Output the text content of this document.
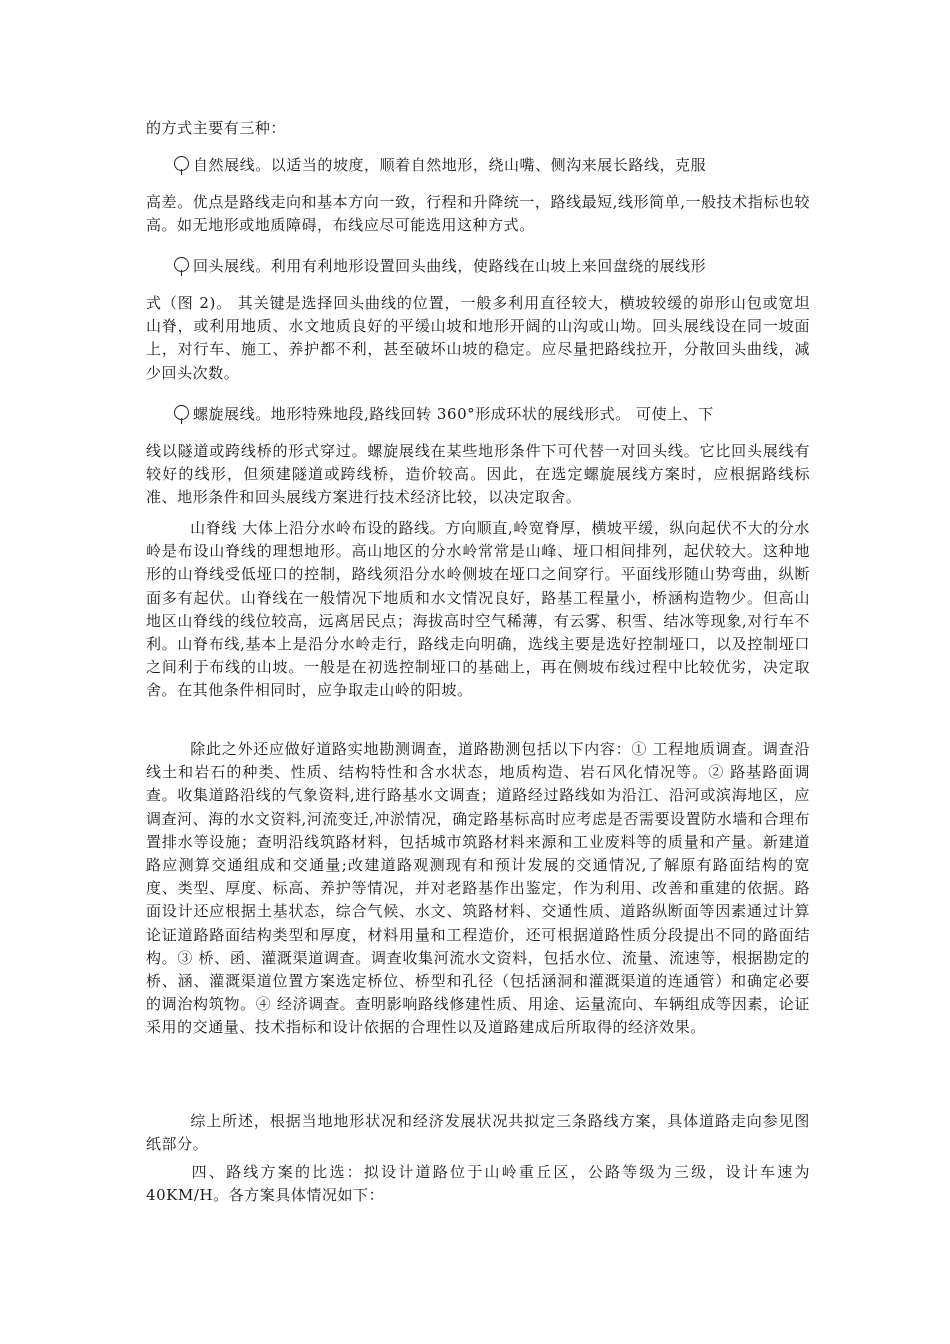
的方式主要有三种：

自然展线。以适当的坡度，顺着自然地形，绕山嘴、侧沟来展长路线，克服

高差。优点是路线走向和基本方向一致，行程和升降统一，路线最短,线形简单,一般技术指标也较高。如无地形或地质障碍，布线应尽可能选用这种方式。

回头展线。利用有利地形设置回头曲线，使路线在山坡上来回盘绕的展线形

式（图 2)。 其关键是选择回头曲线的位置，一般多利用直径较大，横坡较缓的峁形山包或宽坦山脊，或利用地质、水文地质良好的平缓山坡和地形开阔的山沟或山坳。回头展线设在同一坡面上，对行车、施工、养护都不利，甚至破坏山坡的稳定。应尽量把路线拉开，分散回头曲线，减少回头次数。

螺旋展线。地形特殊地段,路线回转 360°形成环状的展线形式。 可使上、下

线以隧道或跨线桥的形式穿过。螺旋展线在某些地形条件下可代替一对回头线。它比回头展线有较好的线形，但须建隧道或跨线桥，造价较高。因此，在选定螺旋展线方案时，应根据路线标准、地形条件和回头展线方案进行技术经济比较，以决定取舍。

山脊线 大体上沿分水岭布设的路线。方向顺直,岭宽脊厚，横坡平缓，纵向起伏不大的分水岭是布设山脊线的理想地形。高山地区的分水岭常常是山峰、垭口相间排列，起伏较大。这种地形的山脊线受低垭口的控制，路线须沿分水岭侧坡在垭口之间穿行。平面线形随山势弯曲，纵断面多有起伏。山脊线在一般情况下地质和水文情况良好，路基工程量小，桥涵构造物少。但高山地区山脊线的线位较高，远离居民点；海拔高时空气稀薄，有云雾、积雪、结冰等现象,对行车不利。山脊布线,基本上是沿分水岭走行，路线走向明确，选线主要是选好控制垭口，以及控制垭口之间利于布线的山坡。一般是在初选控制垭口的基础上，再在侧坡布线过程中比较优劣，决定取舍。在其他条件相同时，应争取走山岭的阳坡。

除此之外还应做好道路实地勘测调查，道路勘测包括以下内容：① 工程地质调查。调查沿线土和岩石的种类、性质、结构特性和含水状态，地质构造、岩石风化情况等。② 路基路面调查。收集道路沿线的气象资料,进行路基水文调查；道路经过路线如为沿江、沿河或滨海地区，应调查河、海的水文资料,河流变迁,冲淤情况，确定路基标高时应考虑是否需要设置防水墙和合理布置排水等设施；查明沿线筑路材料，包括城市筑路材料来源和工业废料等的质量和产量。新建道路应测算交通组成和交通量;改建道路观测现有和预计发展的交通情况,了解原有路面结构的宽度、类型、厚度、标高、养护等情况，并对老路基作出鉴定，作为利用、改善和重建的依据。路面设计还应根据土基状态，综合气候、水文、筑路材料、交通性质、道路纵断面等因素通过计算论证道路路面结构类型和厚度，材料用量和工程造价，还可根据道路性质分段提出不同的路面结构。③ 桥、函、灌溉渠道调查。调查收集河流水文资料，包括水位、流量、流速等，根据勘定的桥、涵、灌溉渠道位置方案选定桥位、桥型和孔径（包括涵洞和灌溉渠道的连通管）和确定必要的调治构筑物。④ 经济调查。查明影响路线修建性质、用途、运量流向、车辆组成等因素，论证采用的交通量、技术指标和设计依据的合理性以及道路建成后所取得的经济效果。

综上所述，根据当地地形状况和经济发展状况共拟定三条路线方案，具体道路走向参见图纸部分。

四、路线方案的比选：拟设计道路位于山岭重丘区，公路等级为三级，设计车速为 40KM/H。各方案具体情况如下：
